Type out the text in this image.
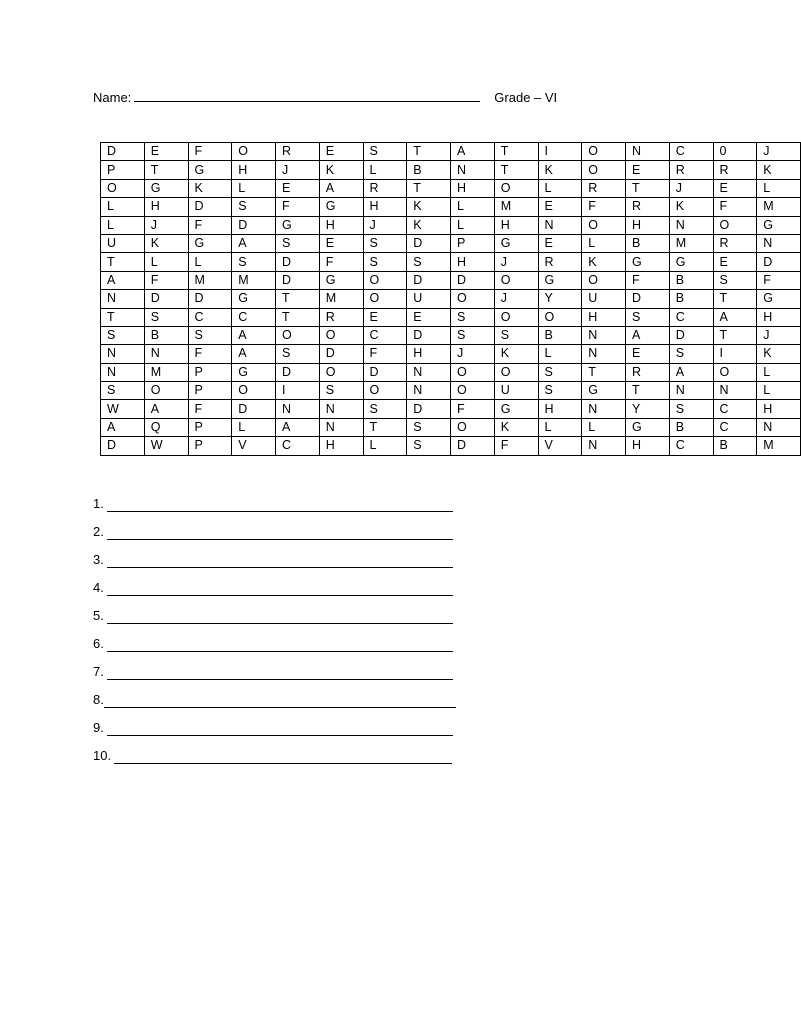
Name:	Grade – VI
D	E	F	O	R	E	S	T	A	T	I	O	N	C	0	J
P	T	G	H	J	K	L	B	N	T	K	O	E	R	R	K
O	G	K	L	E	A	R	T	H	O	L	R	T	J	E	L
L	H	D	S	F	G	H	K	L	M	E	F	R	K	F	M
L	J	F	D	G	H	J	K	L	H	N	O	H	N	O	G
U	K	G	A	S	E	S	D	P	G	E	L	B	M	R	N
T	L	L	S	D	F	S	S	H	J	R	K	G	G	E	D
A	F	M	M	D	G	O	D	D	O	G	O	F	B	S	F
N	D	D	G	T	M	O	U	O	J	Y	U	D	B	T	G
T	S	C	C	T	R	E	E	S	O	O	H	S	C	A	H
S	B	S	A	O	O	C	D	S	S	B	N	A	D	T	J
N	N	F	A	S	D	F	H	J	K	L	N	E	S	I	K
N	M	P	G	D	O	D	N	O	O	S	T	R	A	O	L
S	O	P	O	I	S	O	N	O	U	S	G	T	N	N	L
W	A	F	D	N	N	S	D	F	G	H	N	Y	S	C	H
A	Q	P	L	A	N	T	S	O	K	L	L	G	B	C	N
D	W	P	V	C	H	L	S	D	F	V	N	H	C	B	M
1.
2.
3.
4.
5.
6.
7.
8.
9.
10.
